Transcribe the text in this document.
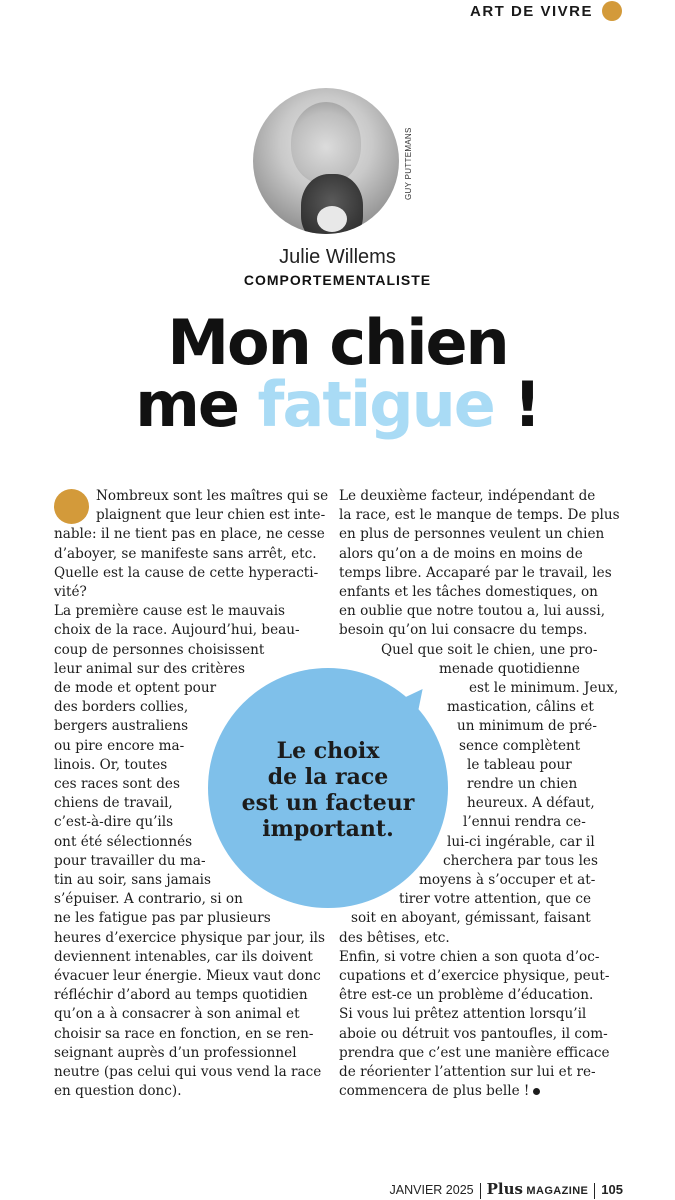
ART DE VIVRE
GUY PUTTEMANS
Julie Willems
COMPORTEMENTALISTE
Mon chien
me fatigue !
Le choix
de la race
est un facteur
important.
Nombreux sont les maîtres qui se
plaignent que leur chien est inte-
nable: il ne tient pas en place, ne cesse
d’aboyer, se manifeste sans arrêt, etc.
Quelle est la cause de cette hyperacti-
vité?
La première cause est le mauvais
choix de la race. Aujourd’hui, beau-
coup de personnes choisissent
leur animal sur des critères
de mode et optent pour
des borders collies,
bergers australiens
ou pire encore ma-
linois. Or, toutes
ces races sont des
chiens de travail,
c’est-à-dire qu’ils
ont été sélectionnés
pour travailler du ma-
tin au soir, sans jamais
s’épuiser. A contrario, si on
ne les fatigue pas par plusieurs
heures d’exercice physique par jour, ils
deviennent intenables, car ils doivent
évacuer leur énergie. Mieux vaut donc
réfléchir d’abord au temps quotidien
qu’on a à consacrer à son animal et
choisir sa race en fonction, en se ren-
seignant auprès d’un professionnel
neutre (pas celui qui vous vend la race
en question donc).
Le deuxième facteur, indépendant de
la race, est le manque de temps. De plus
en plus de personnes veulent un chien
alors qu’on a de moins en moins de
temps libre. Accaparé par le travail, les
enfants et les tâches domestiques, on
en oublie que notre toutou a, lui aussi,
besoin qu’on lui consacre du temps.
Quel que soit le chien, une pro-
menade quotidienne
est le minimum. Jeux,
mastication, câlins et
un minimum de pré-
sence complètent
le tableau pour
rendre un chien
heureux. A défaut,
l’ennui rendra ce-
lui-ci ingérable, car il
cherchera par tous les
moyens à s’occuper et at-
tirer votre attention, que ce
soit en aboyant, gémissant, faisant
des bêtises, etc.
Enfin, si votre chien a son quota d’oc-
cupations et d’exercice physique, peut-
être est-ce un problème d’éducation.
Si vous lui prêtez attention lorsqu’il
aboie ou détruit vos pantoufles, il com-
prendra que c’est une manière efficace
de réorienter l’attention sur lui et re-
commencera de plus belle !
JANVIER 2025 Plus MAGAZINE 105
